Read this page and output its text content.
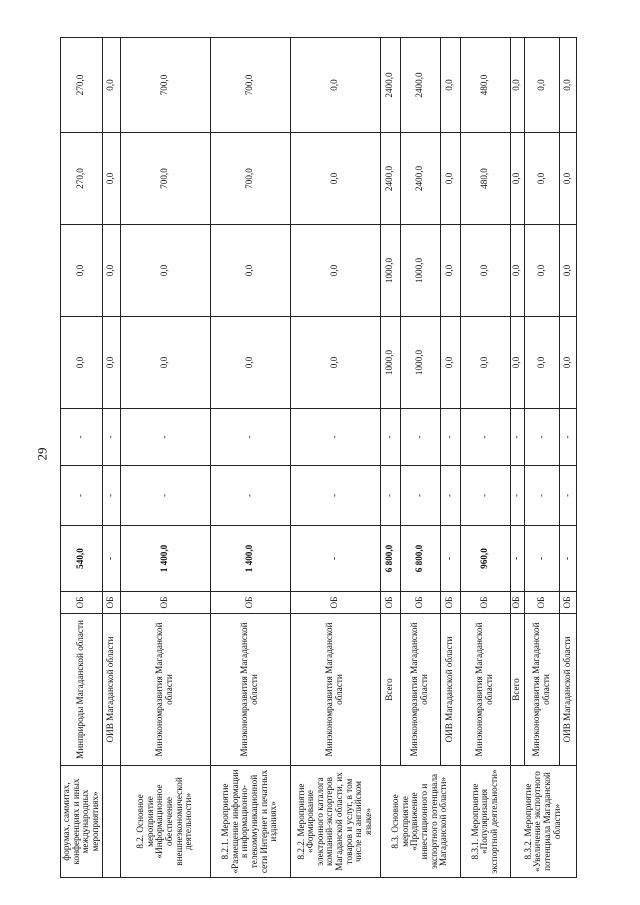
29
форумах, саммитах, конференциях и иных международных мероприятиях»	Минприроды Магаданской области	ОБ	540,0	-	-	0,0	0,0	270,0	270,0
	ОИВ Магаданской области	ОБ	-	-	-	0,0	0,0	0,0	0,0
8.2. Основное мероприятие «Информационное обеспечение внешнеэкономической деятельности»	Минэкономразвития Магаданской области	ОБ	1 400,0	-	-	0,0	0,0	700,0	700,0
8.2.1. Мероприятие «Размещение информации в информационно-телекоммуникационной сети Интернет и печатных изданиях»	Минэкономразвития Магаданской области	ОБ	1 400,0	-	-	0,0	0,0	700,0	700,0
8.2.2. Мероприятие «Формирование электронного каталога компаний-экспортеров Магаданской области, их товаров и услуг, в том числе на английском языке»	Минэкономразвития Магаданской области	ОБ	-	-	-	0,0	0,0	0,0	0,0
8.3. Основное мероприятие «Продвижение инвестиционного и экспортного потенциала Магаданской области»	Всего	ОБ	6 800,0	-	-	1000,0	1000,0	2400,0	2400,0
	Минэкономразвития Магаданской области	ОБ	6 800,0	-	-	1000,0	1000,0	2400,0	2400,0
	ОИВ Магаданской области	ОБ	-	-	-	0,0	0,0	0,0	0,0
8.3.1. Мероприятие «Популяризация экспортной деятельности»	Минэкономразвития Магаданской области	ОБ	960,0	-	-	0,0	0,0	480,0	480,0
8.3.2. Мероприятие «Увеличение экспортного потенциала Магаданской области»	Всего	ОБ	-	-	-	0,0	0,0	0,0	0,0
	Минэкономразвития Магаданской области	ОБ	-	-	-	0,0	0,0	0,0	0,0
	ОИВ Магаданской области	ОБ	-	-	-	0,0	0,0	0,0	0,0
